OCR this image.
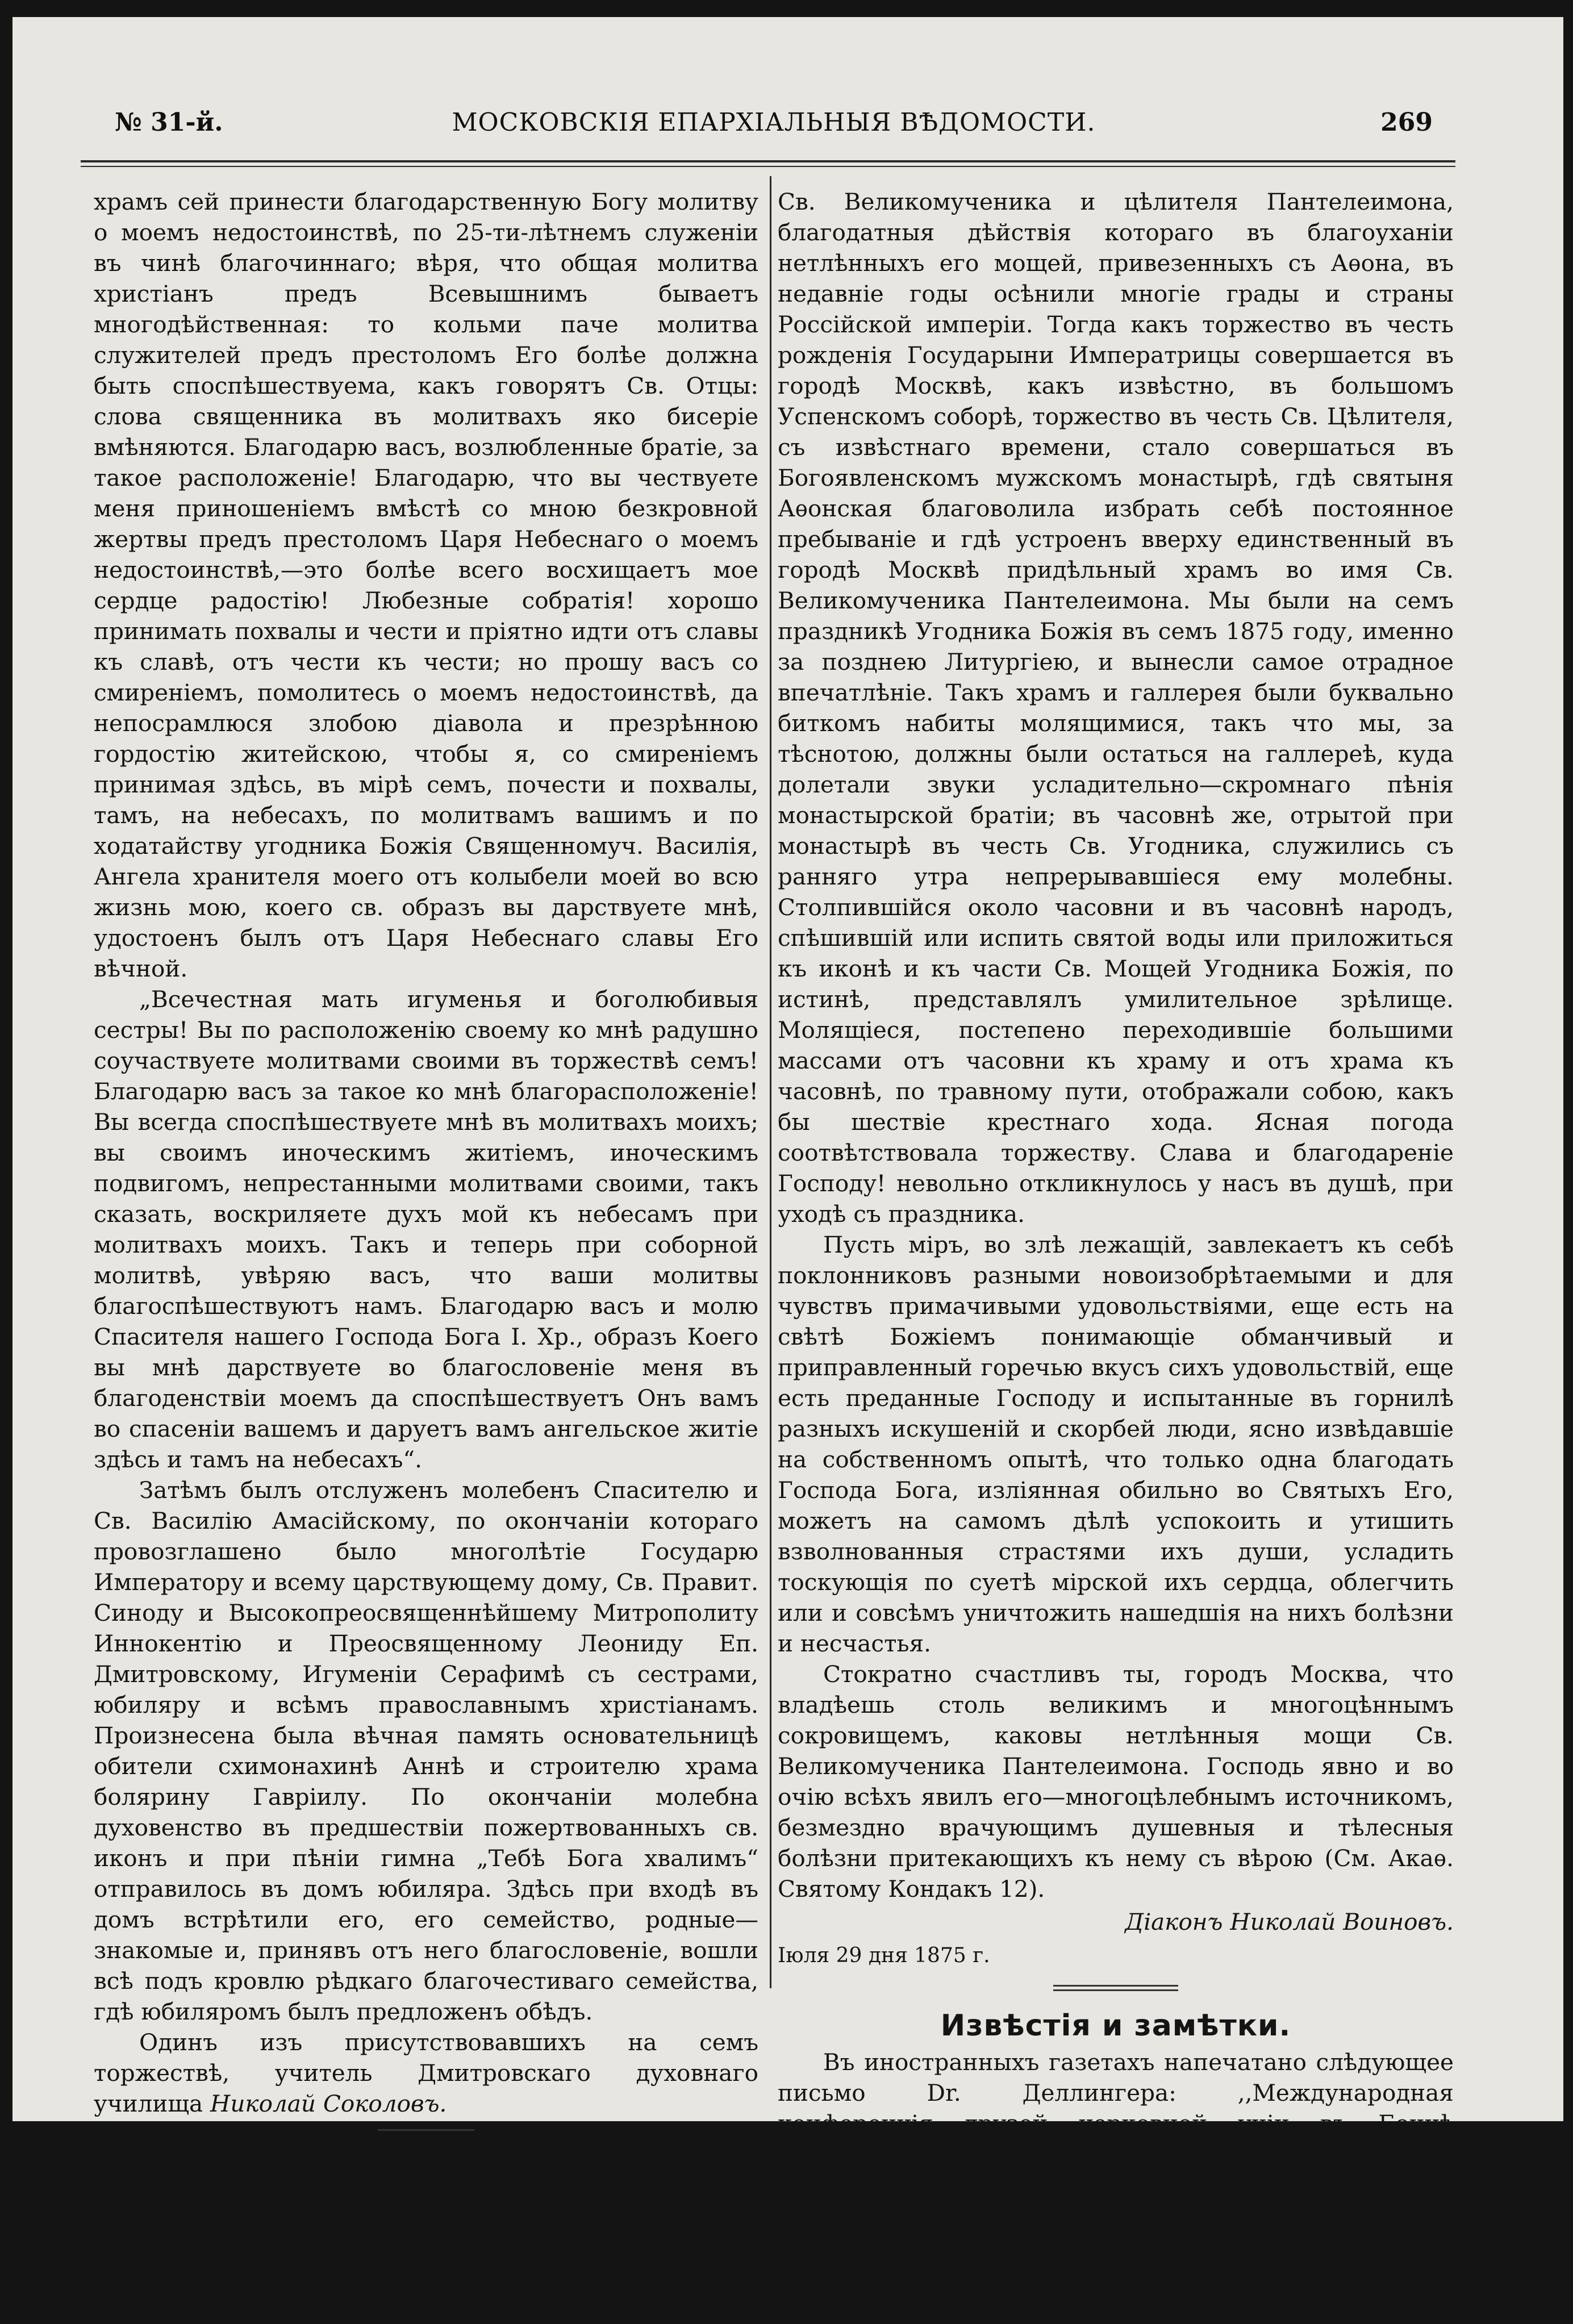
№ 31-й.	МОСКОВСКІЯ ЕПАРХІАЛЬНЫЯ ВѢДОМОСТИ.	269

храмъ сей принести благодарственную Богу молитву о моемъ недостоинствѣ, по 25-ти-лѣтнемъ служеніи въ чинѣ благочиннаго; вѣря, что общая молитва христіанъ предъ Всевышнимъ бываетъ многодѣйственная: то кольми паче молитва служителей предъ престоломъ Его болѣе должна быть споспѣшествуема, какъ говорятъ Св. Отцы: слова священника въ молитвахъ яко бисеріе вмѣняются. Благодарю васъ, возлюбленные братіе, за такое расположеніе! Благодарю, что вы чествуете меня приношеніемъ вмѣстѣ со мною безкровной жертвы предъ престоломъ Царя Небеснаго о моемъ недостоинствѣ,—это болѣе всего восхищаетъ мое сердце радостію! Любезные собратія! хорошо принимать похвалы и чести и пріятно идти отъ славы къ славѣ, отъ чести къ чести; но прошу васъ со смиреніемъ, помолитесь о моемъ недостоинствѣ, да непосрамлюся злобою діавола и презрѣнною гордостію житейскою, чтобы я, со смиреніемъ принимая здѣсь, въ мірѣ семъ, почести и похвалы, тамъ, на небесахъ, по молитвамъ вашимъ и по ходатайству угодника Божія Священномуч. Василія, Ангела хранителя моего отъ колыбели моей во всю жизнь мою, коего св. образъ вы дарствуете мнѣ, удостоенъ былъ отъ Царя Небеснаго славы Его вѣчной.

„Всечестная мать игуменья и боголюбивыя сестры! Вы по расположенію своему ко мнѣ радушно соучаствуете молитвами своими въ торжествѣ семъ! Благодарю васъ за такое ко мнѣ благорасположеніе! Вы всегда споспѣшествуете мнѣ въ молитвахъ моихъ; вы своимъ иноческимъ житіемъ, иноческимъ подвигомъ, непрестанными молитвами своими, такъ сказать, воскриляете духъ мой къ небесамъ при молитвахъ моихъ. Такъ и теперь при соборной молитвѣ, увѣряю васъ, что ваши молитвы благоспѣшествуютъ намъ. Благодарю васъ и молю Спасителя нашего Господа Бога І. Хр., образъ Коего вы мнѣ дарствуете во благословеніе меня въ благоденствіи моемъ да споспѣшествуетъ Онъ вамъ во спасеніи вашемъ и даруетъ вамъ ангельское житіе здѣсь и тамъ на небесахъ“.

Затѣмъ былъ отслуженъ молебенъ Спасителю и Св. Василію Амасійскому, по окончаніи котораго провозглашено было многолѣтіе Государю Императору и всему царствующему дому, Св. Правит. Синоду и Высокопреосвященнѣйшему Митрополиту Иннокентію и Преосвященному Леониду Еп. Дмитровскому, Игуменіи Серафимѣ съ сестрами, юбиляру и всѣмъ православнымъ христіанамъ. Произнесена была вѣчная память основательницѣ обители схимонахинѣ Аннѣ и строителю храма болярину Гавріилу. По окончаніи молебна духовенство въ предшествіи пожертвованныхъ св. иконъ и при пѣніи гимна „Тебѣ Бога хвалимъ“ отправилось въ домъ юбиляра. Здѣсь при входѣ въ домъ встрѣтили его, его семейство, родные—знакомые и, принявъ отъ него благословеніе, вошли всѣ подъ кровлю рѣдкаго благочестиваго семейства, гдѣ юбиляромъ былъ предложенъ обѣдъ.

Одинъ изъ присутствовавшихъ на семъ торжествѣ, учитель Дмитровскаго духовнаго училища Николай Соколовъ.

День 27 іюля для каждаго вѣрнаго члена Св. церкви и преданнаго сына Россійскаго Государства сугубо радостенъ и торжественъ, именно какъ день рожденія Ея Императорскаго Величества, Государыни Императрицы Маріи Александровны и какъ день памяти и прославленія

Св. Великомученика и цѣлителя Пантелеимона, благодатныя дѣйствія котораго въ благоуханіи нетлѣнныхъ его мощей, привезенныхъ съ Аѳона, въ недавніе годы осѣнили многіе грады и страны Россійской имперіи. Тогда какъ торжество въ честь рожденія Государыни Императрицы совершается въ городѣ Москвѣ, какъ извѣстно, въ большомъ Успенскомъ соборѣ, торжество въ честь Св. Цѣлителя, съ извѣстнаго времени, стало совершаться въ Богоявленскомъ мужскомъ монастырѣ, гдѣ святыня Аѳонская благоволила избрать себѣ постоянное пребываніе и гдѣ устроенъ вверху единственный въ городѣ Москвѣ придѣльный храмъ во имя Св. Великомученика Пантелеимона. Мы были на семъ праздникѣ Угодника Божія въ семъ 1875 году, именно за позднею Литургіею, и вынесли самое отрадное впечатлѣніе. Такъ храмъ и галлерея были буквально биткомъ набиты молящимися, такъ что мы, за тѣснотою, должны были остаться на галлереѣ, куда долетали звуки усладительно—скромнаго пѣнія монастырской братіи; въ часовнѣ же, отрытой при монастырѣ въ честь Св. Угодника, служились съ ранняго утра непрерывавшіеся ему молебны. Столпившійся около часовни и въ часовнѣ народъ, спѣшившій или испить святой воды или приложиться къ иконѣ и къ части Св. Мощей Угодника Божія, по истинѣ, представлялъ умилительное зрѣлище. Молящіеся, постепено переходившіе большими массами отъ часовни къ храму и отъ храма къ часовнѣ, по травному пути, отображали собою, какъ бы шествіе крестнаго хода. Ясная погода соотвѣтствовала торжеству. Слава и благодареніе Господу! невольно откликнулось у насъ въ душѣ, при уходѣ съ праздника.

Пусть міръ, во злѣ лежащій, завлекаетъ къ себѣ поклонниковъ разными новоизобрѣтаемыми и для чувствъ примачивыми удовольствіями, еще есть на свѣтѣ Божіемъ понимающіе обманчивый и приправленный горечью вкусъ сихъ удовольствій, еще есть преданные Господу и испытанные въ горнилѣ разныхъ искушеній и скорбей люди, ясно извѣдавшіе на собственномъ опытѣ, что только одна благодать Господа Бога, изліянная обильно во Святыхъ Его, можетъ на самомъ дѣлѣ успокоить и утишить взволнованныя страстями ихъ души, усладить тоскующія по суетѣ мірской ихъ сердца, облегчить или и совсѣмъ уничтожить нашедшія на нихъ болѣзни и несчастья.

Стократно счастливъ ты, городъ Москва, что владѣешь столь великимъ и многоцѣннымъ сокровищемъ, каковы нетлѣнныя мощи Св. Великомученика Пантелеимона. Господь явно и во очію всѣхъ явилъ его—многоцѣлебнымъ источникомъ, безмездно врачующимъ душевныя и тѣлесныя болѣзни притекающихъ къ нему съ вѣрою (См. Акаѳ. Святому Кондакъ 12).

Діаконъ Николай Воиновъ.

Іюля 29 дня 1875 г.

Извѣстія и замѣтки.

Въ иностранныхъ газетахъ напечатано слѣдующее письмо Dr. Деллингера: ,,Международная конференція друзей церковной уніи въ Боннѣ откроется 12-го августа и будетъ продолжаться этотъ и два слѣдующіе дня. Конференція имѣетъ слѣдующія цѣли: во первыхъ, воспроизвести общее исповѣданіе тѣхъ главныхъ христіанскихъ ученій
